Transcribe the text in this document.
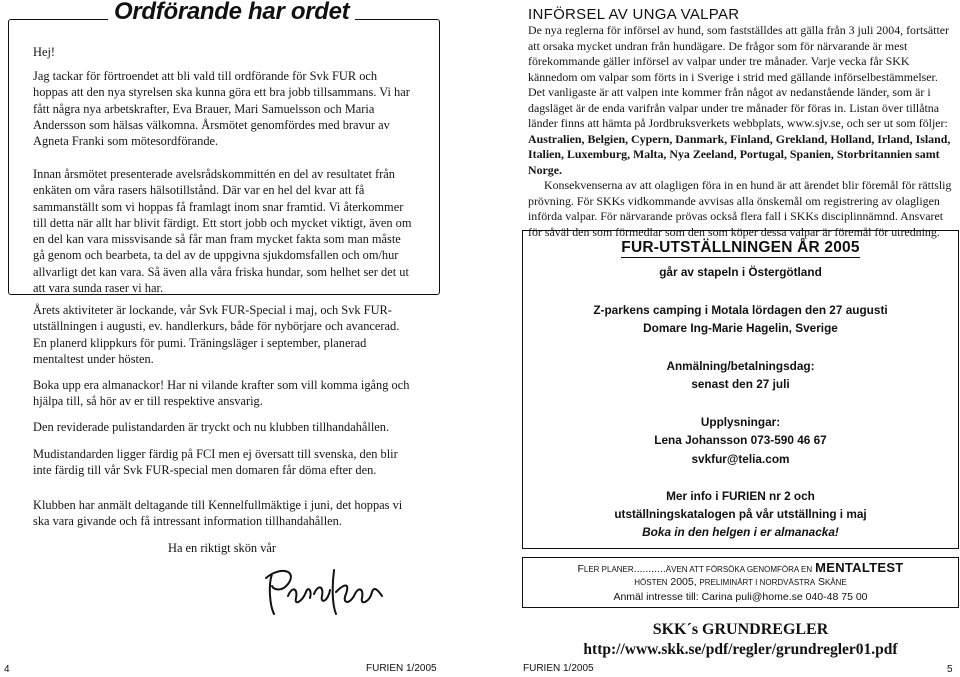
Ordförande har ordet

Hej!

Jag tackar för förtroendet att bli vald till ordförande för Svk FUR och hoppas att den nya styrelsen ska kunna göra ett bra jobb tillsammans. Vi har fått några nya arbetskrafter, Eva Brauer, Mari Samuelsson och Maria Andersson som hälsas välkomna. Årsmötet genomfördes med bravur av Agneta Franki som mötesordförande.

Innan årsmötet presenterade avelsrådskommittén en del av resultatet från enkäten om våra rasers hälsotillstånd. Där var en hel del kvar att få sammanställt som vi hoppas få framlagt inom snar framtid. Vi återkommer till detta när allt har blivit färdigt. Ett stort jobb och mycket viktigt, även om en del kan vara missvisande så får man fram mycket fakta som man måste gå genom och bearbeta, ta del av de uppgivna sjukdomsfallen och om/hur allvarligt det kan vara. Så även alla våra friska hundar, som helhet ser det ut att vara sunda raser vi har.

Årets aktiviteter är lockande, vår Svk FUR-Special i maj, och Svk FUR-utställningen i augusti, ev. handlerkurs, både för nybörjare och avancerad. En planerd klippkurs för pumi. Träningsläger i september, planerad mentaltest under hösten.

Boka upp era almanackor! Har ni vilande krafter som vill komma igång och hjälpa till, så hör av er till respektive ansvarig.

Den reviderade pulistandarden är tryckt och nu klubben tillhandahållen.

Mudistandarden ligger färdig på FCI men ej översatt till svenska, den blir inte färdig till vår Svk FUR-special men domaren får döma efter den.

Klubben har anmält deltagande till Kennelfullmäktige i juni, det hoppas vi ska vara givande och få intressant information tillhandahållen.

Ha en riktigt skön vår
4	FURIEN 1/2005
INFÖRSEL AV UNGA VALPAR

De nya reglerna för införsel av hund, som fastställdes att gälla från 3 juli 2004, fortsätter att orsaka mycket undran från hundägare. De frågor som för närvarande är mest förekommande gäller införsel av valpar under tre månader. Varje vecka får SKK kännedom om valpar som förts in i Sverige i strid med gällande införselbestämmelser. Det vanligaste är att valpen inte kommer från något av nedanstående länder, som är i dagsläget är de enda varifrån valpar under tre månader för föras in. Listan över tillåtna länder finns att hämta på Jordbruksverkets webbplats, www.sjv.se, och ser ut som följer:

Australien, Belgien, Cypern, Danmark, Finland, Grekland, Holland, Irland, Island, Italien, Luxemburg, Malta, Nya Zeeland, Portugal, Spanien, Storbritannien samt Norge.

Konsekvenserna av att olagligen föra in en hund är att ärendet blir föremål för rättslig prövning. För SKKs vidkommande avvisas alla önskemål om registrering av olagligen införda valpar. För närvarande prövas också flera fall i SKKs disciplinnämnd. Ansvaret för såväl den som förmedlar som den som köper dessa valpar är föremål för utredning.

FUR-UTSTÄLLNINGEN ÅR 2005
går av stapeln i Östergötland
Z-parkens camping i Motala lördagen den 27 augusti
Domare Ing-Marie Hagelin, Sverige
Anmälning/betalningsdag:
senast den 27 juli
Upplysningar:
Lena Johansson 073-590 46 67
svkfur@telia.com
Mer info i FURIEN nr 2 och
utställningskatalogen på vår utställning i maj
Boka in den helgen i er almanacka!
FLER PLANER...........ÄVEN ATT FÖRSÖKA GENOMFÖRA EN MENTALTEST
HÖSTEN 2005, PRELIMINÄRT I NORDVÄSTRA SKÅNE
Anmäl intresse till: Carina puli@home.se 040-48 75 00
SKK´s GRUNDREGLER
http://www.skk.se/pdf/regler/grundregler01.pdf
FURIEN 1/2005	5
